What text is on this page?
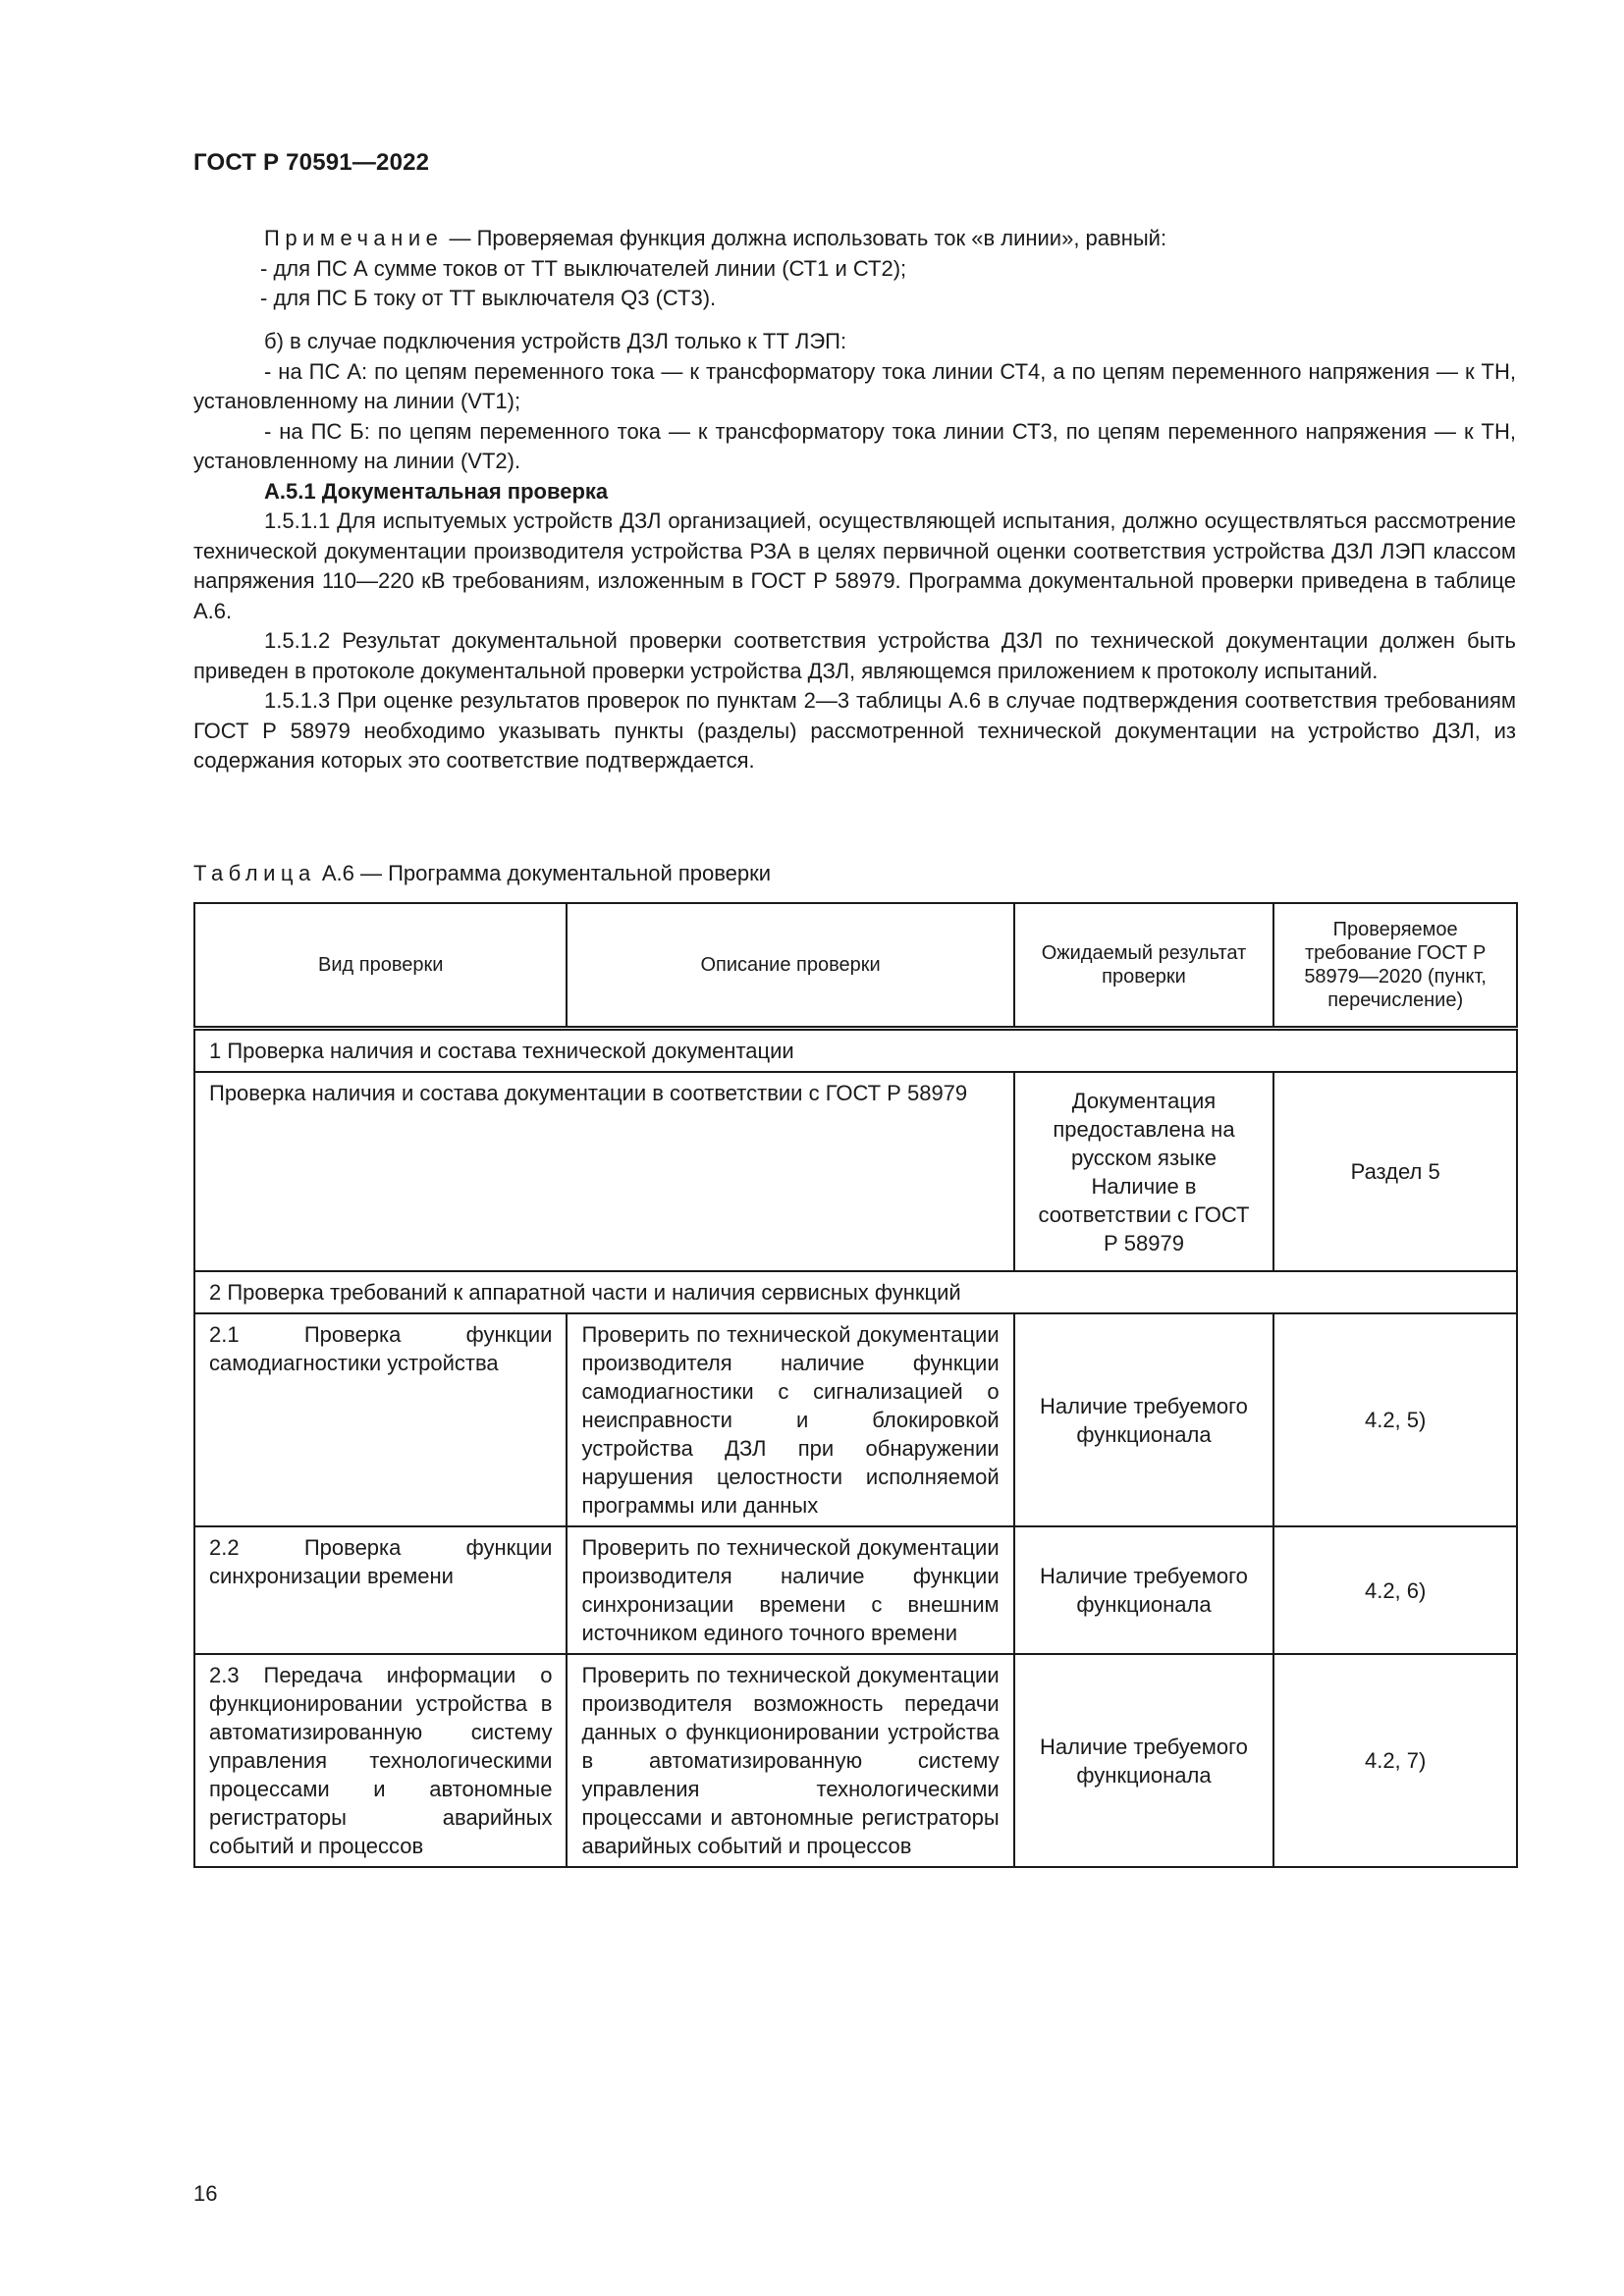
ГОСТ Р 70591—2022

Примечание — Проверяемая функция должна использовать ток «в линии», равный:

- для ПС А сумме токов от ТТ выключателей линии (СТ1 и СТ2);

- для ПС Б току от ТТ выключателя Q3 (СТ3).

б) в случае подключения устройств ДЗЛ только к ТТ ЛЭП:

- на ПС А: по цепям переменного тока — к трансформатору тока линии СТ4, а по цепям переменного напряжения — к ТН, установленному на линии (VT1);

- на ПС Б: по цепям переменного тока — к трансформатору тока линии СТ3, по цепям переменного напряжения — к ТН, установленному на линии (VT2).

А.5.1 Документальная проверка

1.5.1.1 Для испытуемых устройств ДЗЛ организацией, осуществляющей испытания, должно осуществляться рассмотрение технической документации производителя устройства РЗА в целях первичной оценки соответствия устройства ДЗЛ ЛЭП классом напряжения 110—220 кВ требованиям, изложенным в ГОСТ Р 58979. Программа документальной проверки приведена в таблице А.6.

1.5.1.2 Результат документальной проверки соответствия устройства ДЗЛ по технической документации должен быть приведен в протоколе документальной проверки устройства ДЗЛ, являющемся приложением к протоколу испытаний.

1.5.1.3 При оценке результатов проверок по пунктам 2—3 таблицы А.6 в случае подтверждения соответствия требованиям ГОСТ Р 58979 необходимо указывать пункты (разделы) рассмотренной технической документации на устройство ДЗЛ, из содержания которых это соответствие подтверждается.

Таблица А.6 — Программа документальной проверки
Вид проверки	Описание проверки	Ожидаемый результат проверки	Проверяемое требование ГОСТ Р 58979—2020 (пункт, перечисление)
1 Проверка наличия и состава технической документации			
Проверка наличия и состава документации в соответствии с ГОСТ Р 58979		Документация предоставлена на русском языке Наличие в соответствии с ГОСТ Р 58979	Раздел 5
2 Проверка требований к аппаратной части и наличия сервисных функций			
2.1 Проверка функции самодиагностики устройства	Проверить по технической документации производителя наличие функции самодиагностики с сигнализацией о неисправности и блокировкой устройства ДЗЛ при обнаружении нарушения целостности исполняемой программы или данных	Наличие требуемого функционала	4.2, 5)
2.2 Проверка функции синхронизации времени	Проверить по технической документации производителя наличие функции синхронизации времени с внешним источником единого точного времени	Наличие требуемого функционала	4.2, 6)
2.3 Передача информации о функционировании устройства в автоматизированную систему управления технологическими процессами и автономные регистраторы аварийных событий и процессов	Проверить по технической документации производителя возможность передачи данных о функционировании устройства в автоматизированную систему управления технологическими процессами и автономные регистраторы аварийных событий и процессов	Наличие требуемого функционала	4.2, 7)
16
